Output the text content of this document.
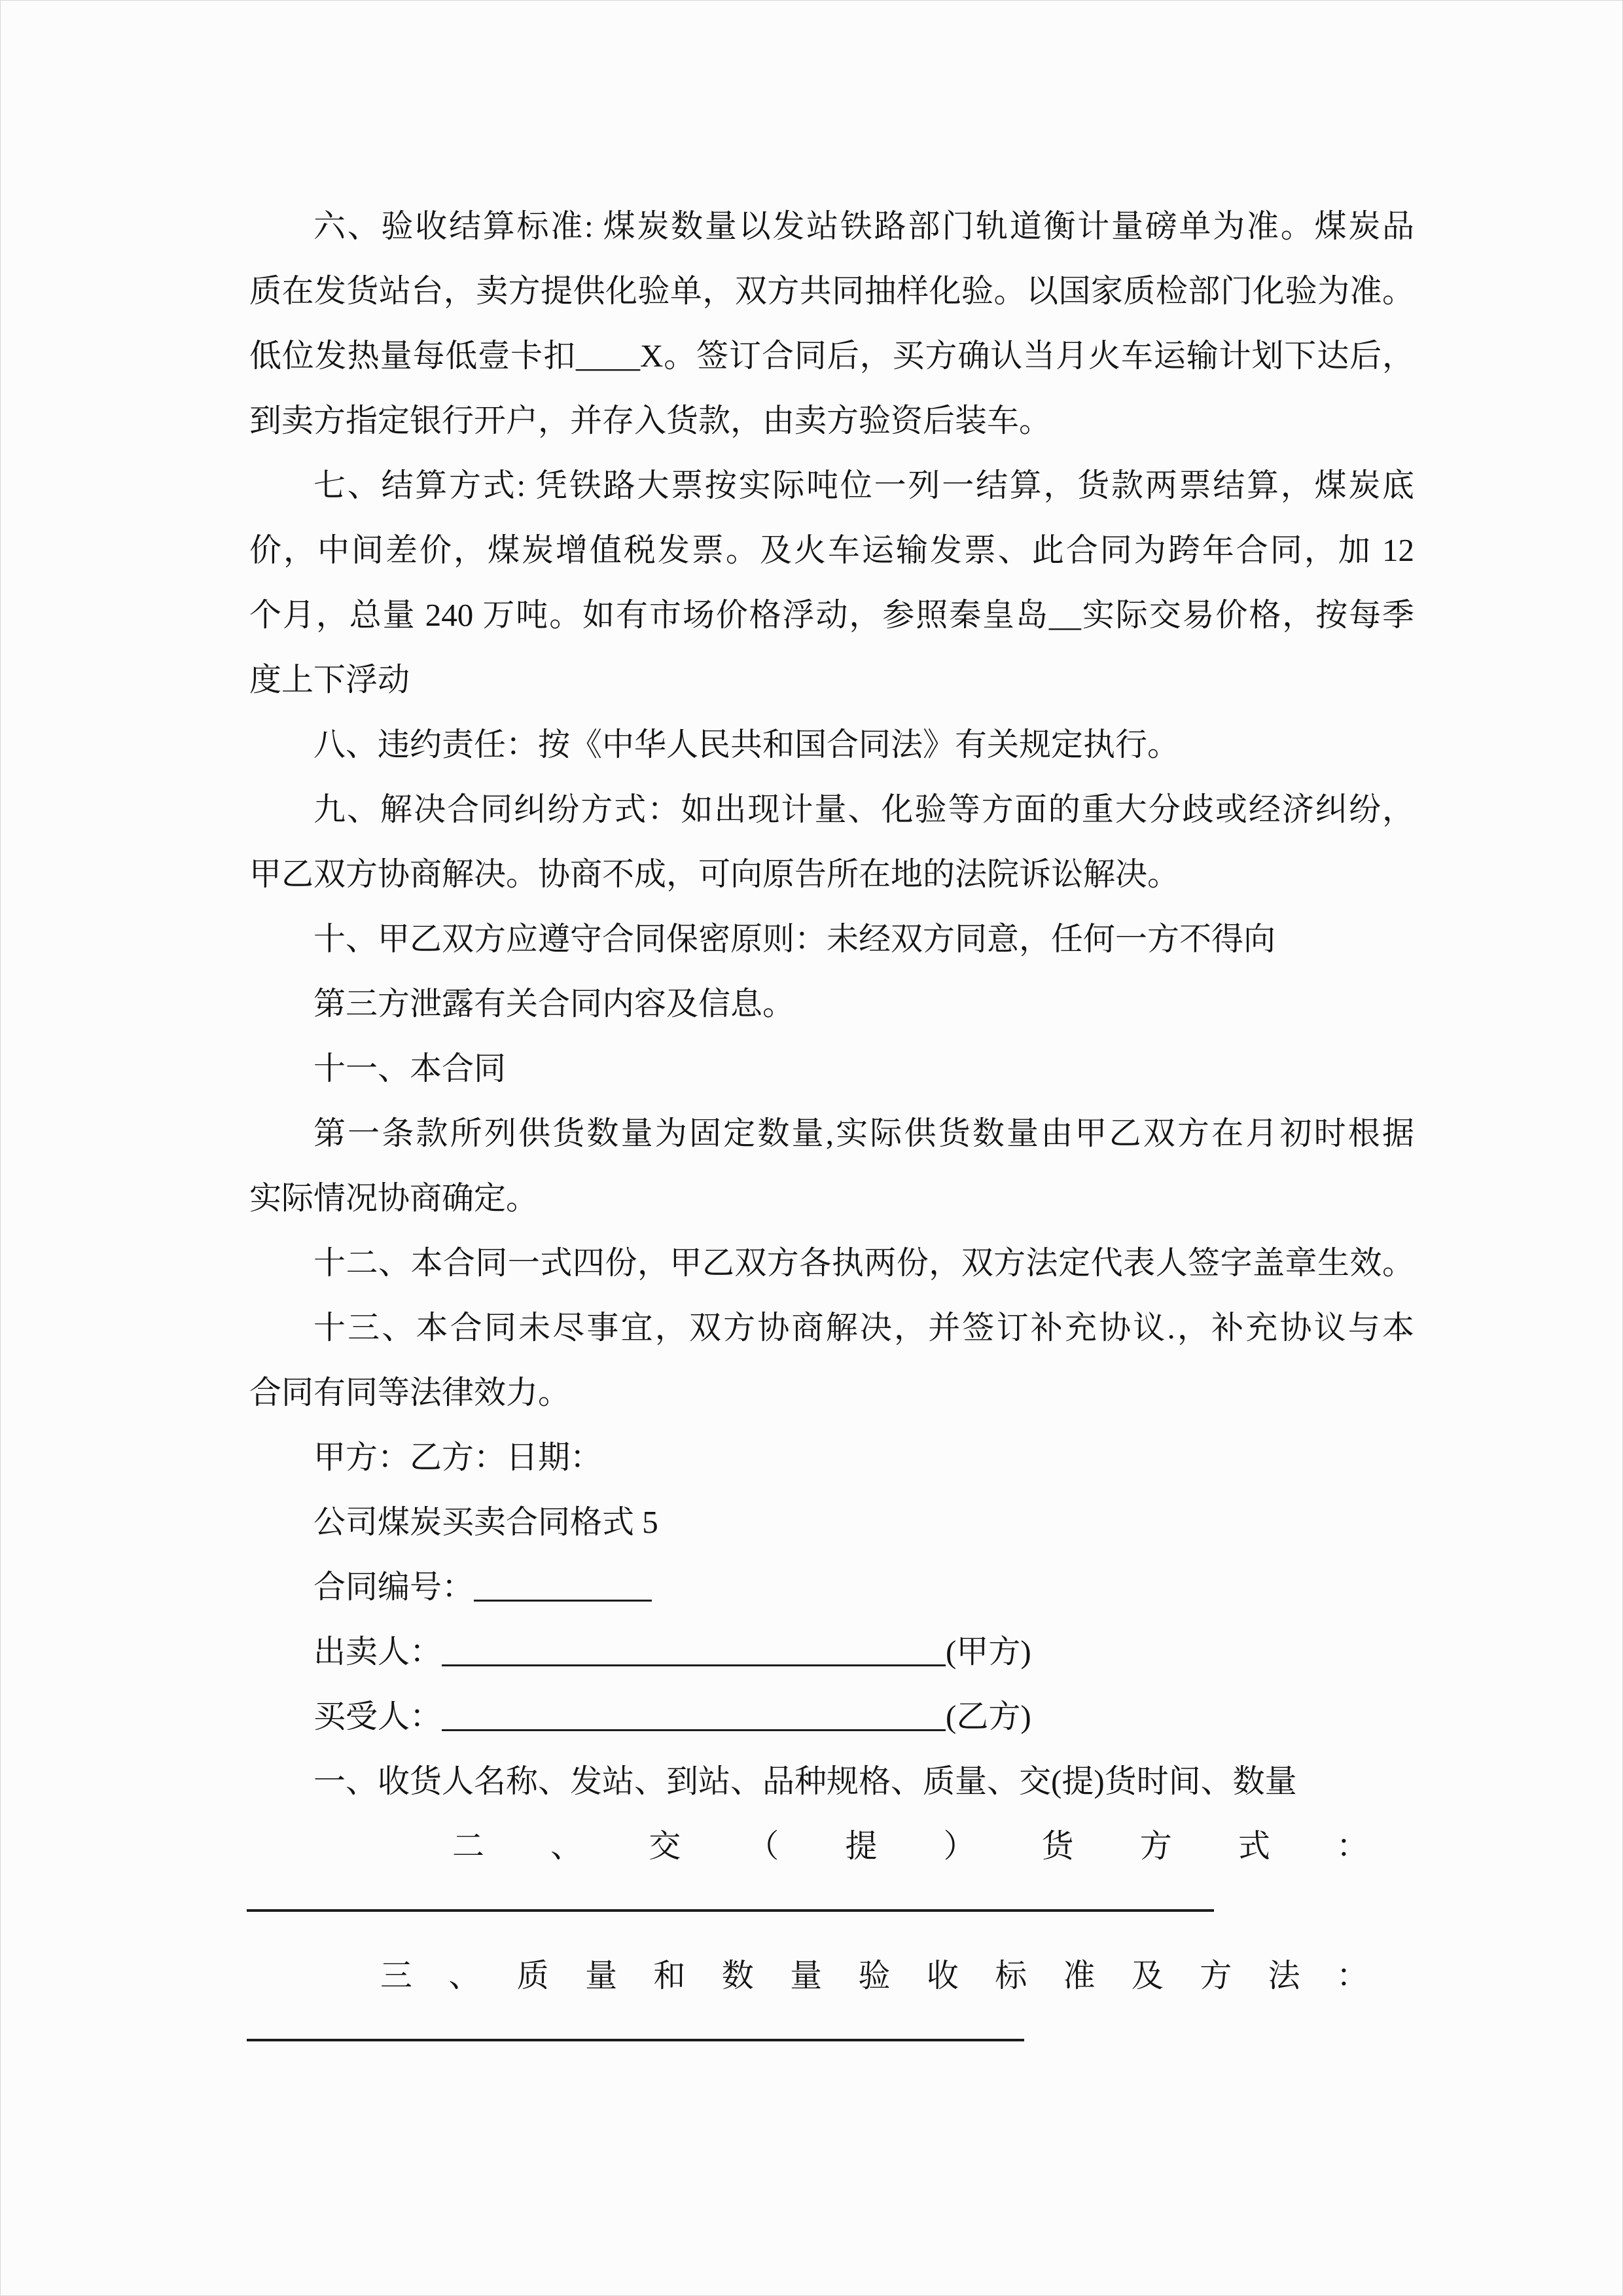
六、验收结算标准: 煤炭数量以发站铁路部门轨道衡计量磅单为准。煤炭品
质在发货站台，卖方提供化验单，双方共同抽样化验。以国家质检部门化验为准。
低位发热量每低壹卡扣____X。签订合同后，买方确认当月火车运输计划下达后，
到卖方指定银行开户，并存入货款，由卖方验资后装车。
七、结算方式: 凭铁路大票按实际吨位一列一结算，货款两票结算，煤炭底
价，中间差价，煤炭增值税发票。及火车运输发票、此合同为跨年合同，加 12
个月，总量 240 万吨。如有市场价格浮动，参照秦皇岛__实际交易价格，按每季
度上下浮动
八、违约责任：按《中华人民共和国合同法》有关规定执行。
九、解决合同纠纷方式：如出现计量、化验等方面的重大分歧或经济纠纷，
甲乙双方协商解决。协商不成，可向原告所在地的法院诉讼解决。
十、甲乙双方应遵守合同保密原则：未经双方同意，任何一方不得向
第三方泄露有关合同内容及信息。
十一、本合同
第一条款所列供货数量为固定数量,实际供货数量由甲乙双方在月初时根据
实际情况协商确定。
十二、本合同一式四份，甲乙双方各执两份，双方法定代表人签字盖章生效。
十三、本合同未尽事宜，双方协商解决，并签订补充协议.，补充协议与本
合同有同等法律效力。
甲方：乙方：日期：
公司煤炭买卖合同格式 5
合同编号：
出卖人：	(甲方)
买受人：	(乙方)
一、收货人名称、发站、到站、品种规格、质量、交(提)货时间、数量
二、交（提）货方式：
三、质量和数量验收标准及方法：
